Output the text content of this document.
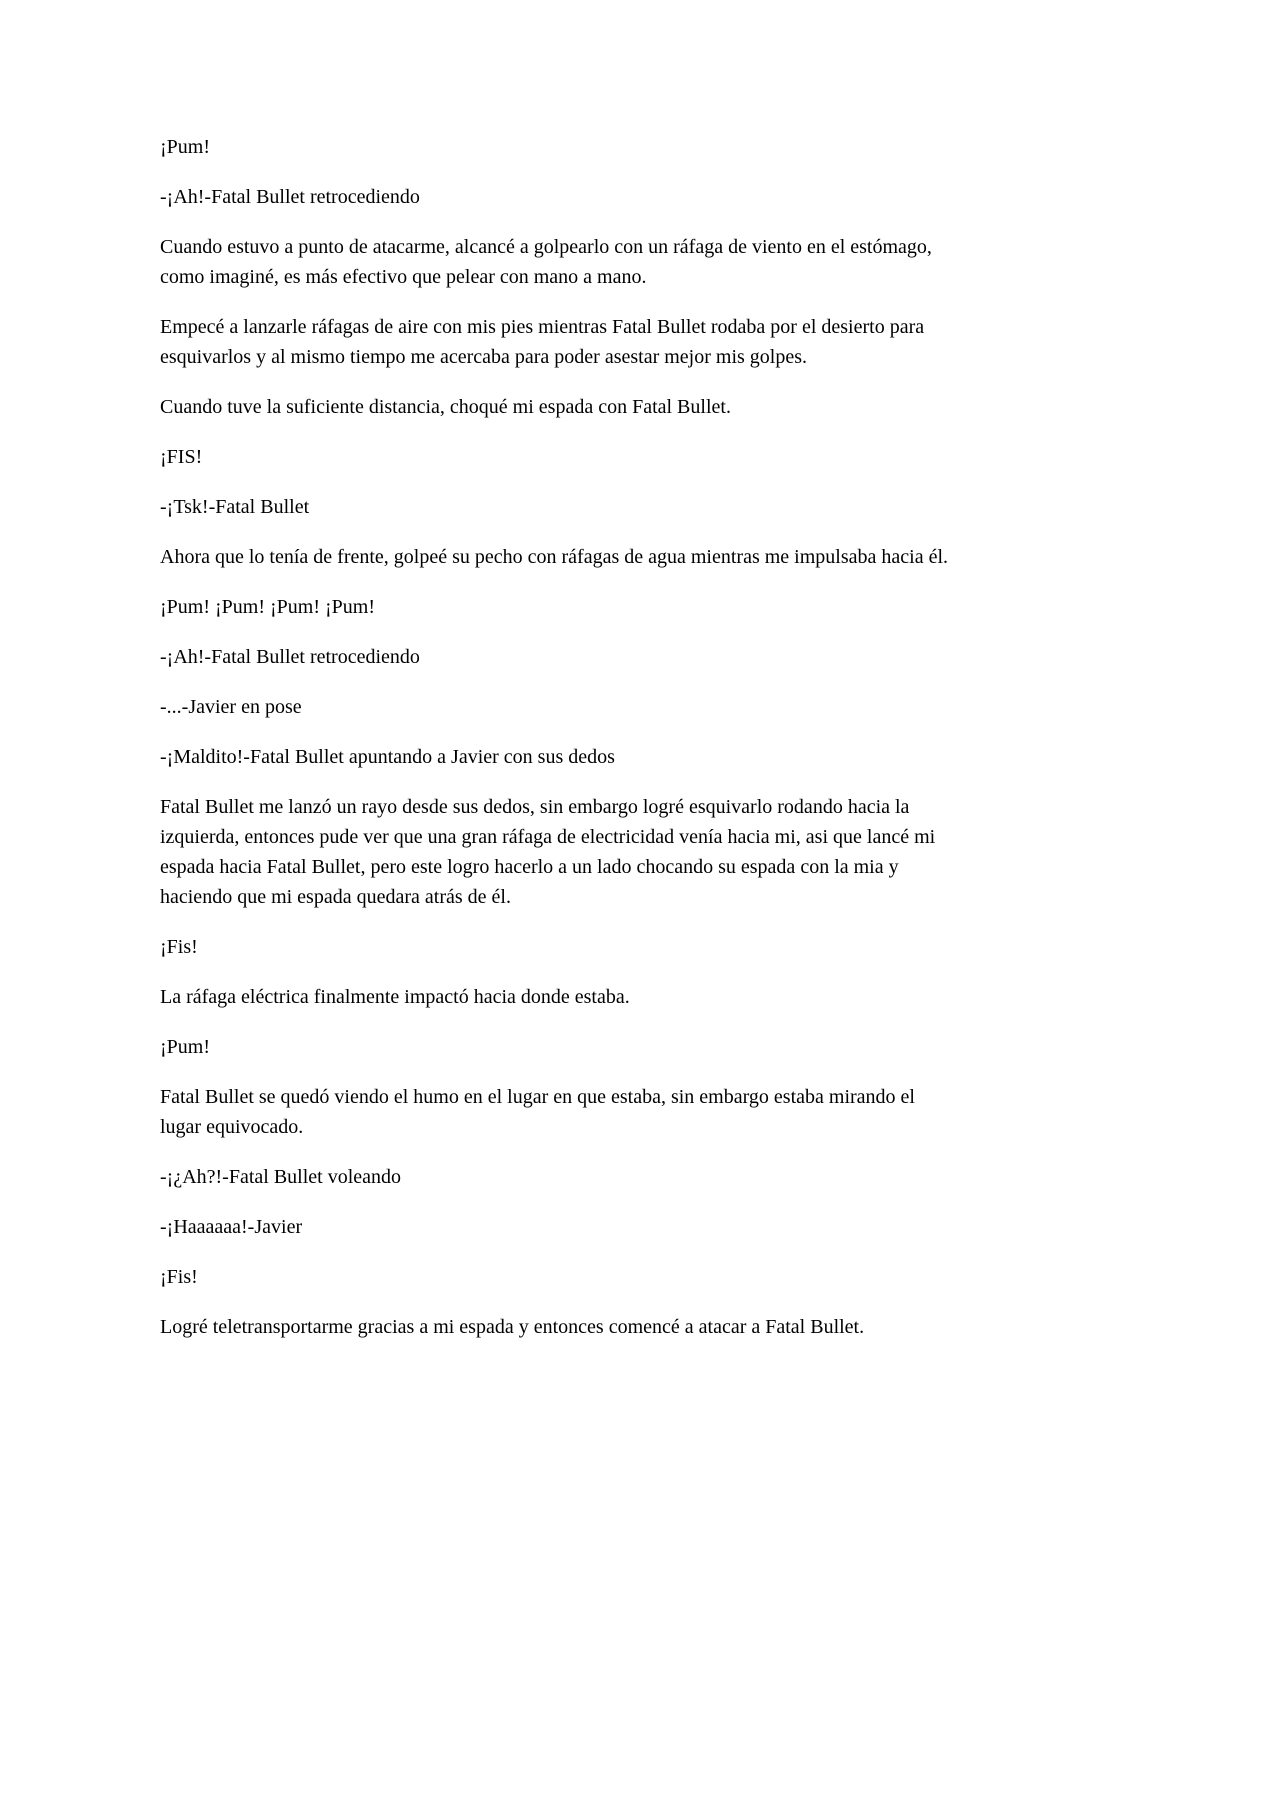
¡Pum!

-¡Ah!-Fatal Bullet retrocediendo

Cuando estuvo a punto de atacarme, alcancé a golpearlo con un ráfaga de viento en el estómago, como imaginé, es más efectivo que pelear con mano a mano.

Empecé a lanzarle ráfagas de aire con mis pies mientras Fatal Bullet rodaba por el desierto para esquivarlos y al mismo tiempo me acercaba para poder asestar mejor mis golpes.

Cuando tuve la suficiente distancia, choqué mi espada con Fatal Bullet.

¡FIS!

-¡Tsk!-Fatal Bullet

Ahora que lo tenía de frente, golpeé su pecho con ráfagas de agua mientras me impulsaba hacia él.

¡Pum! ¡Pum! ¡Pum! ¡Pum!

-¡Ah!-Fatal Bullet retrocediendo

-...-Javier en pose

-¡Maldito!-Fatal Bullet apuntando a Javier con sus dedos

Fatal Bullet me lanzó un rayo desde sus dedos, sin embargo logré esquivarlo rodando hacia la izquierda, entonces pude ver que una gran ráfaga de electricidad venía hacia mi, asi que lancé mi espada hacia Fatal Bullet, pero este logro hacerlo a un lado chocando su espada con la mia y haciendo que mi espada quedara atrás de él.

¡Fis!

La ráfaga eléctrica finalmente impactó hacia donde estaba.

¡Pum!

Fatal Bullet se quedó viendo el humo en el lugar en que estaba, sin embargo estaba mirando el lugar equivocado.

-¡¿Ah?!-Fatal Bullet voleando

-¡Haaaaaa!-Javier

¡Fis!

Logré teletransportarme gracias a mi espada y entonces comencé a atacar a Fatal Bullet.
